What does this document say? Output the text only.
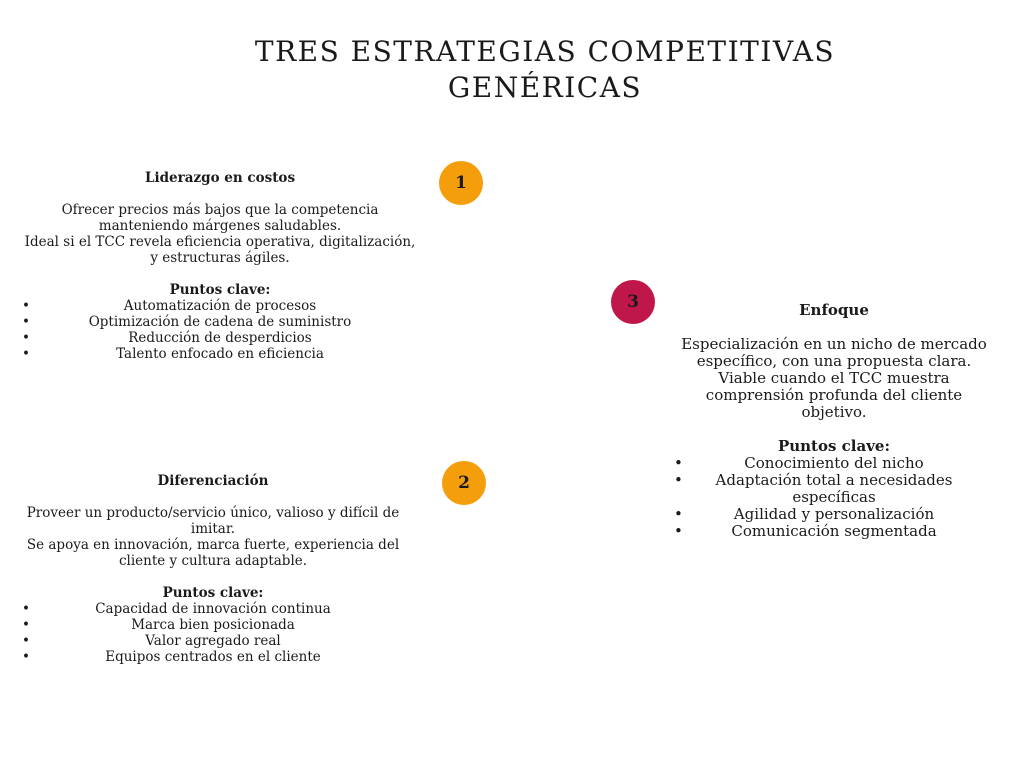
TRES ESTRATEGIAS COMPETITIVAS
GENÉRICAS
1
2
3
Liderazgo en costos

Ofrecer precios más bajos que la competencia manteniendo márgenes saludables.
Ideal si el TCC revela eficiencia operativa, digitalización, y estructuras ágiles.

Puntos clave:
• Automatización de procesos
• Optimización de cadena de suministro
• Reducción de desperdicios
• Talento enfocado en eficiencia
Diferenciación

Proveer un producto/servicio único, valioso y difícil de imitar.
Se apoya en innovación, marca fuerte, experiencia del cliente y cultura adaptable.

Puntos clave:
• Capacidad de innovación continua
• Marca bien posicionada
• Valor agregado real
• Equipos centrados en el cliente
Enfoque

Especialización en un nicho de mercado específico, con una propuesta clara.
Viable cuando el TCC muestra comprensión profunda del cliente objetivo.

Puntos clave:
• Conocimiento del nicho
• Adaptación total a necesidades específicas
• Agilidad y personalización
• Comunicación segmentada
